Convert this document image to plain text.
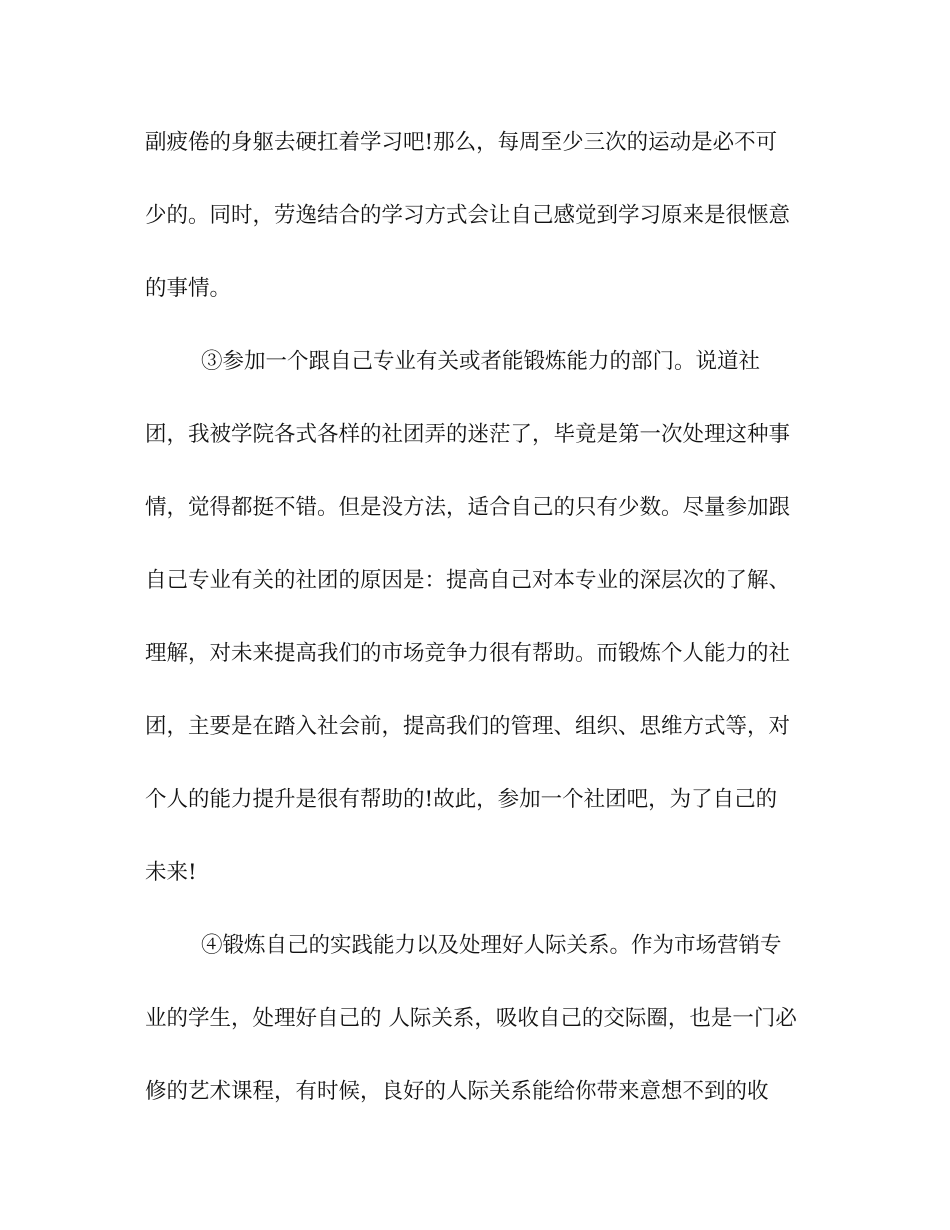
副疲倦的身躯去硬扛着学习吧!那么，每周至少三次的运动是必不可
少的。同时，劳逸结合的学习方式会让自己感觉到学习原来是很惬意
的事情。
③参加一个跟自己专业有关或者能锻炼能力的部门。说道社
团，我被学院各式各样的社团弄的迷茫了，毕竟是第一次处理这种事
情，觉得都挺不错。但是没方法，适合自己的只有少数。尽量参加跟
自己专业有关的社团的原因是：提高自己对本专业的深层次的了解、
理解，对未来提高我们的市场竞争力很有帮助。而锻炼个人能力的社
团，主要是在踏入社会前，提高我们的管理、组织、思维方式等，对
个人的能力提升是很有帮助的!故此，参加一个社团吧，为了自己的
未来!
④锻炼自己的实践能力以及处理好人际关系。作为市场营销专
业的学生，处理好自己的 人际关系，吸收自己的交际圈，也是一门必
修的艺术课程，有时候，良好的人际关系能给你带来意想不到的收
